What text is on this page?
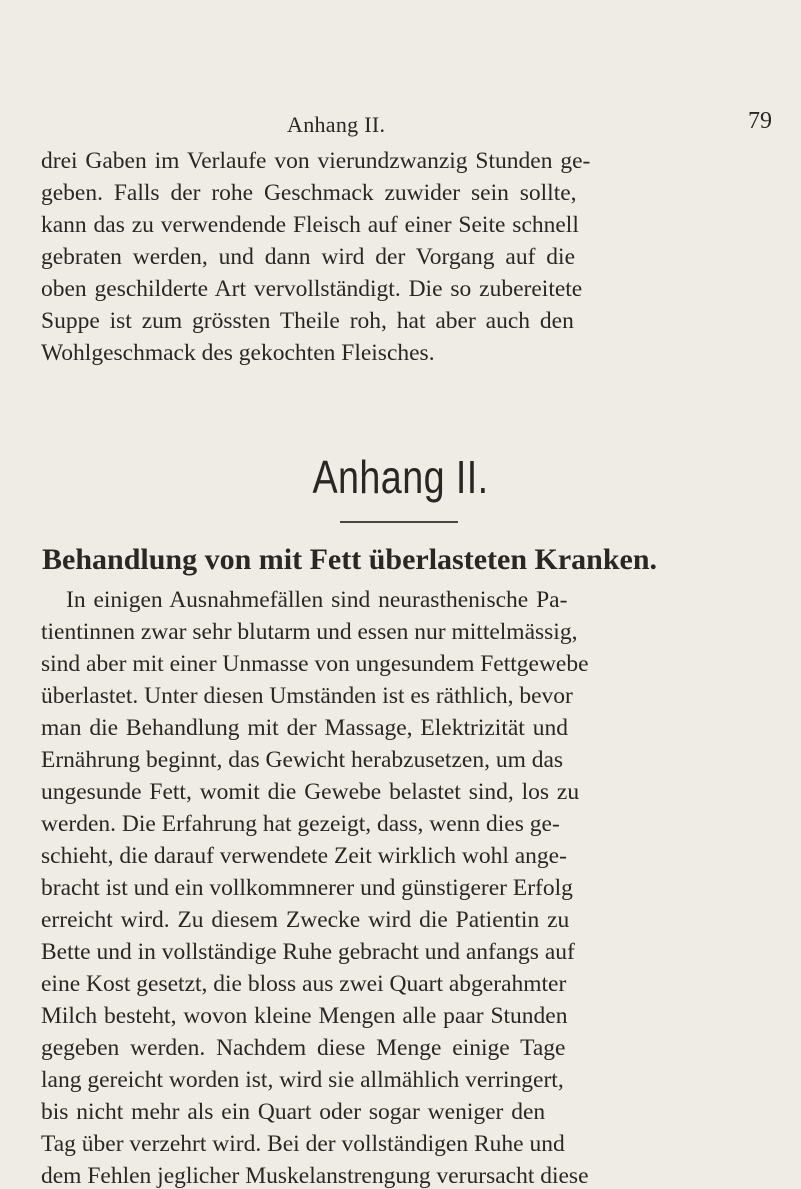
Anhang II.	79
drei Gaben im Verlaufe von vierundzwanzig Stunden ge-
geben. Falls der rohe Geschmack zuwider sein sollte,
kann das zu verwendende Fleisch auf einer Seite schnell
gebraten werden, und dann wird der Vorgang auf die
oben geschilderte Art vervollständigt. Die so zubereitete
Suppe ist zum grössten Theile roh, hat aber auch den
Wohlgeschmack des gekochten Fleisches.
Anhang II.
Behandlung von mit Fett überlasteten Kranken.
In einigen Ausnahmefällen sind neurasthenische Pa-
tientinnen zwar sehr blutarm und essen nur mittelmässig,
sind aber mit einer Unmasse von ungesundem Fettgewebe
überlastet. Unter diesen Umständen ist es räthlich, bevor
man die Behandlung mit der Massage, Elektrizität und
Ernährung beginnt, das Gewicht herabzusetzen, um das
ungesunde Fett, womit die Gewebe belastet sind, los zu
werden. Die Erfahrung hat gezeigt, dass, wenn dies ge-
schieht, die darauf verwendete Zeit wirklich wohl ange-
bracht ist und ein vollkommnerer und günstigerer Erfolg
erreicht wird. Zu diesem Zwecke wird die Patientin zu
Bette und in vollständige Ruhe gebracht und anfangs auf
eine Kost gesetzt, die bloss aus zwei Quart abgerahmter
Milch besteht, wovon kleine Mengen alle paar Stunden
gegeben werden. Nachdem diese Menge einige Tage
lang gereicht worden ist, wird sie allmählich verringert,
bis nicht mehr als ein Quart oder sogar weniger den
Tag über verzehrt wird. Bei der vollständigen Ruhe und
dem Fehlen jeglicher Muskelanstrengung verursacht diese
